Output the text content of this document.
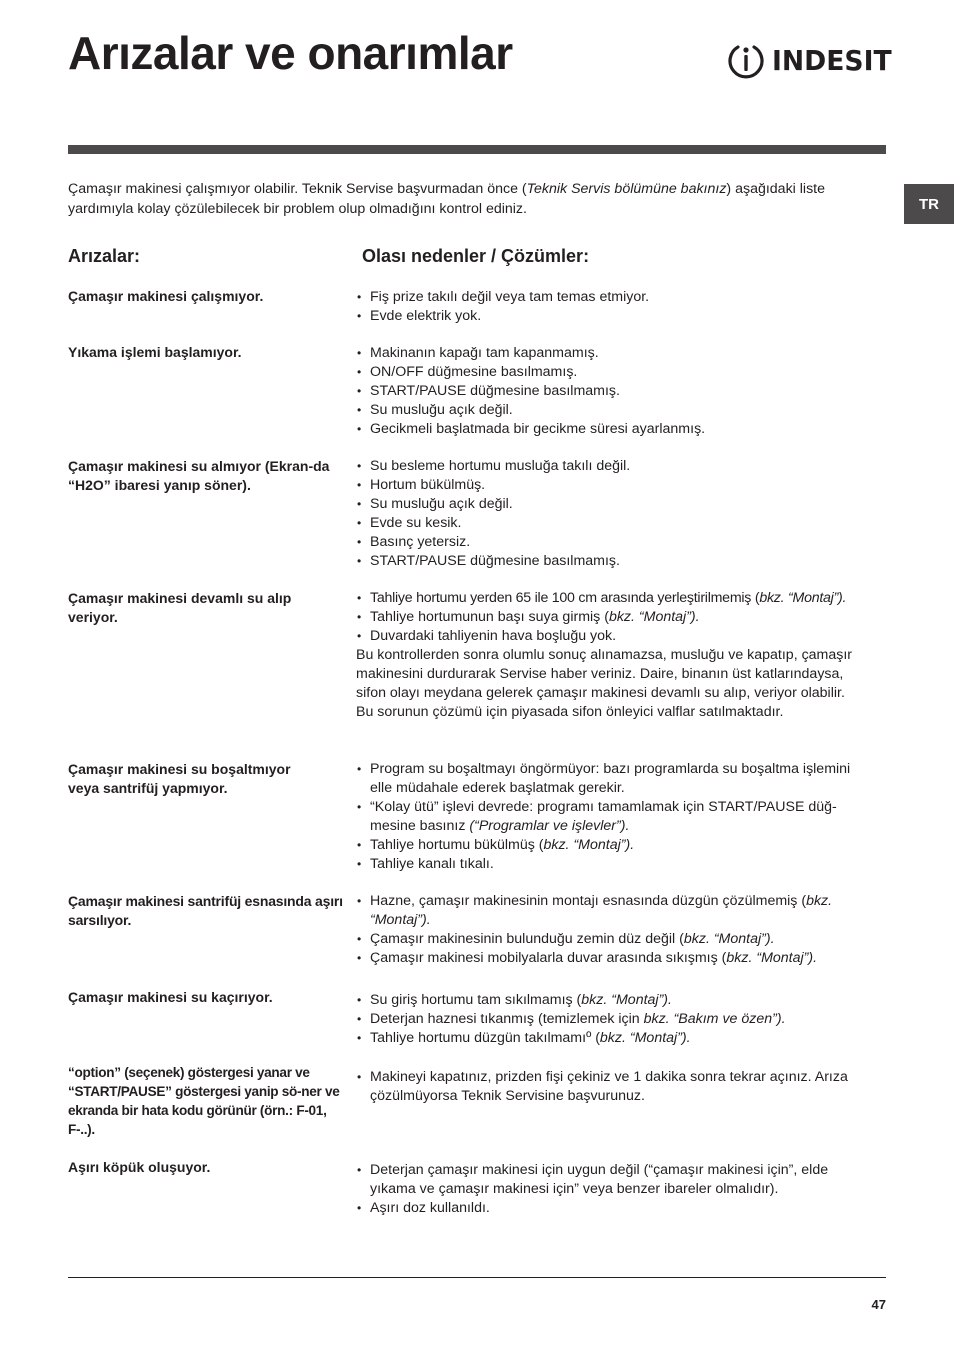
Arızalar ve onarımlar	INDESIT
TR

Çamaşır makinesi çalışmıyor olabilir. Teknik Servise başvurmadan önce (Teknik Servis bölümüne bakınız) aşağıdaki liste yardımıyla kolay çözülebilecek bir problem olup olmadığını kontrol ediniz.

Arızalar:	Olası nedenler / Çözümler:

Çamaşır makinesi çalışmıyor.	• Fiş prize takılı değil veya tam temas etmiyor.
• Evde elektrik yok.

Yıkama işlemi başlamıyor.	• Makinanın kapağı tam kapanmamış.
• ON/OFF düğmesine basılmamış.
• START/PAUSE düğmesine basılmamış.
• Su musluğu açık değil.
• Gecikmeli başlatmada bir gecikme süresi ayarlanmış.

Çamaşır makinesi su almıyor (Ekran-da “H2O” ibaresi yanıp söner).

• Su besleme hortumu musluğa takılı değil.
• Hortum bükülmüş.
• Su musluğu açık değil.
• Evde su kesik.
• Basınç yetersiz.
• START/PAUSE düğmesine basılmamış.

Çamaşır makinesi devamlı su alıp veriyor.

• Tahliye hortumu yerden 65 ile 100 cm arasında yerleştirilmemiş (bkz. “Montaj”).
• Tahliye hortumunun başı suya girmiş (bkz. “Montaj”).
• Duvardaki tahliyenin hava boşluğu yok.

Bu kontrollerden sonra olumlu sonuç alınamazsa, musluğu ve kapatıp, çamaşır makinesini durdurarak Servise haber veriniz. Daire, binanın üst katlarındaysa, sifon olayı meydana gelerek çamaşır makinesi devamlı su alıp, veriyor olabilir. Bu sorunun çözümü için piyasada sifon önleyici valflar satılmaktadır.

Çamaşır makinesi su boşaltmıyor veya santrifüj yapmıyor.

• Program su boşaltmayı öngörmüyor: bazı programlarda su boşaltma işlemini elle müdahale ederek başlatmak gerekir.
• “Kolay ütü” işlevi devrede: programı tamamlamak için START/PAUSE düğ-mesine basınız (“Programlar ve işlevler”).
• Tahliye hortumu bükülmüş (bkz. “Montaj”).
• Tahliye kanalı tıkalı.

Çamaşır makinesi santrifüj esnasında aşırı sarsılıyor.

• Hazne, çamaşır makinesinin montajı esnasında düzgün çözülmemiş (bkz. “Montaj”).
• Çamaşır makinesinin bulunduğu zemin düz değil (bkz. “Montaj”).
• Çamaşır makinesi mobilyalarla duvar arasında sıkışmış (bkz. “Montaj”).

Çamaşır makinesi su kaçırıyor.	• Su giriş hortumu tam sıkılmamış (bkz. “Montaj”).
• Deterjan haznesi tıkanmış (temizlemek için bkz. “Bakım ve özen”).
• Tahliye hortumu düzgün takılmamıº (bkz. “Montaj”).

“option” (seçenek) göstergesi yanar ve “START/PAUSE” göstergesi yanip sö-ner ve ekranda bir hata kodu görünür (örn.: F-01, F-..).

• Makineyi kapatınız, prizden fişi çekiniz ve 1 dakika sonra tekrar açınız. Arıza çözülmüyorsa Teknik Servisine başvurunuz.

Aşırı köpük oluşuyor.	• Deterjan çamaşır makinesi için uygun değil (“çamaşır makinesi için”, elde yıkama ve çamaşır makinesi için” veya benzer ibareler olmalıdır).
• Aşırı doz kullanıldı.
47
